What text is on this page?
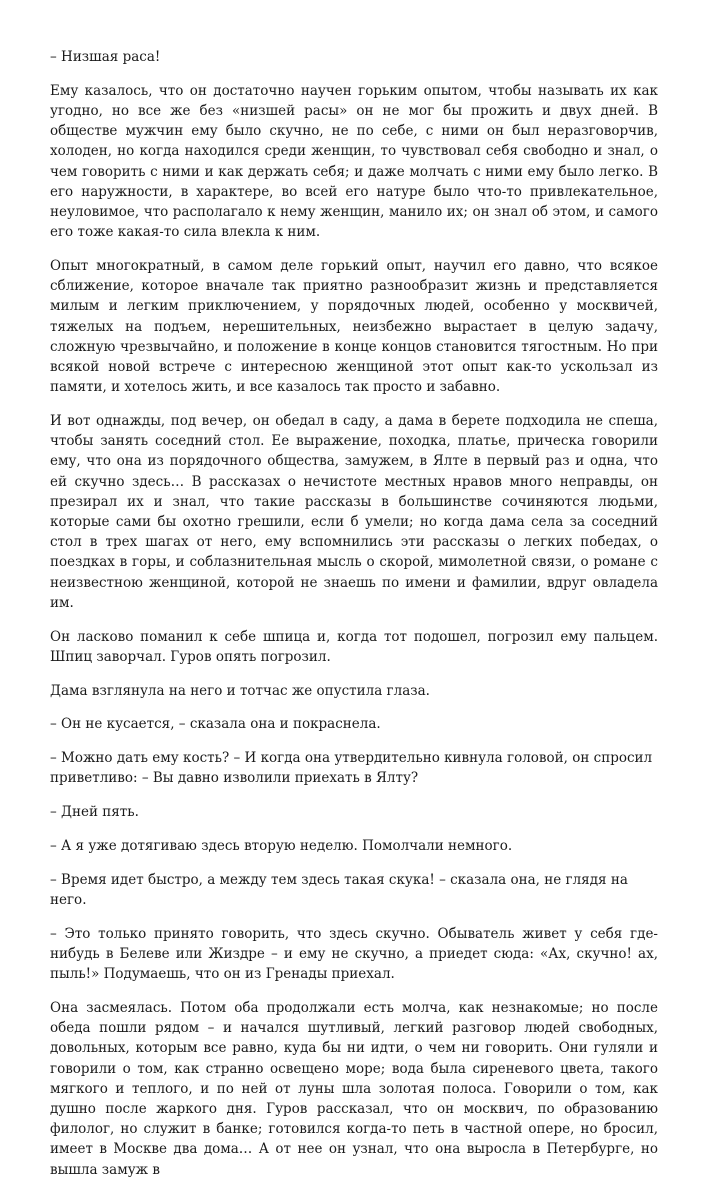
– Низшая раса!

Ему казалось, что он достаточно научен горьким опытом, чтобы называть их как угодно, но все же без «низшей расы» он не мог бы прожить и двух дней. В обществе мужчин ему было скучно, не по себе, с ними он был неразговорчив, холоден, но когда находился среди женщин, то чувствовал себя свободно и знал, о чем говорить с ними и как держать себя; и даже молчать с ними ему было легко. В его наружности, в характере, во всей его натуре было что-то привлекательное, неуловимое, что располагало к нему женщин, манило их; он знал об этом, и самого его тоже какая-то сила влекла к ним.

Опыт многократный, в самом деле горький опыт, научил его давно, что всякое сближение, которое вначале так приятно разнообразит жизнь и представляется милым и легким приключением, у порядочных людей, особенно у москвичей, тяжелых на подъем, нерешительных, неизбежно вырастает в целую задачу, сложную чрезвычайно, и положение в конце концов становится тягостным. Но при всякой новой встрече с интересною женщиной этот опыт как-то ускользал из памяти, и хотелось жить, и все казалось так просто и забавно.

И вот однажды, под вечер, он обедал в саду, а дама в берете подходила не спеша, чтобы занять соседний стол. Ее выражение, походка, платье, прическа говорили ему, что она из порядочного общества, замужем, в Ялте в первый раз и одна, что ей скучно здесь… В рассказах о нечистоте местных нравов много неправды, он презирал их и знал, что такие рассказы в большинстве сочиняются людьми, которые сами бы охотно грешили, если б умели; но когда дама села за соседний стол в трех шагах от него, ему вспомнились эти рассказы о легких победах, о поездках в горы, и соблазнительная мысль о скорой, мимолетной связи, о романе с неизвестною женщиной, которой не знаешь по имени и фамилии, вдруг овладела им.

Он ласково поманил к себе шпица и, когда тот подошел, погрозил ему пальцем. Шпиц заворчал. Гуров опять погрозил.

Дама взглянула на него и тотчас же опустила глаза.

– Он не кусается, – сказала она и покраснела.

– Можно дать ему кость? – И когда она утвердительно кивнула головой, он спросил приветливо: – Вы давно изволили приехать в Ялту?

– Дней пять.

– А я уже дотягиваю здесь вторую неделю. Помолчали немного.

– Время идет быстро, а между тем здесь такая скука! – сказала она, не глядя на него.

– Это только принято говорить, что здесь скучно. Обыватель живет у себя где-нибудь в Белеве или Жиздре – и ему не скучно, а приедет сюда: «Ах, скучно! ах, пыль!» Подумаешь, что он из Гренады приехал.

Она засмеялась. Потом оба продолжали есть молча, как незнакомые; но после обеда пошли рядом – и начался шутливый, легкий разговор людей свободных, довольных, которым все равно, куда бы ни идти, о чем ни говорить. Они гуляли и говорили о том, как странно освещено море; вода была сиреневого цвета, такого мягкого и теплого, и по ней от луны шла золотая полоса. Говорили о том, как душно после жаркого дня. Гуров рассказал, что он москвич, по образованию филолог, но служит в банке; готовился когда-то петь в частной опере, но бросил, имеет в Москве два дома… А от нее он узнал, что она выросла в Петербурге, но вышла замуж в
